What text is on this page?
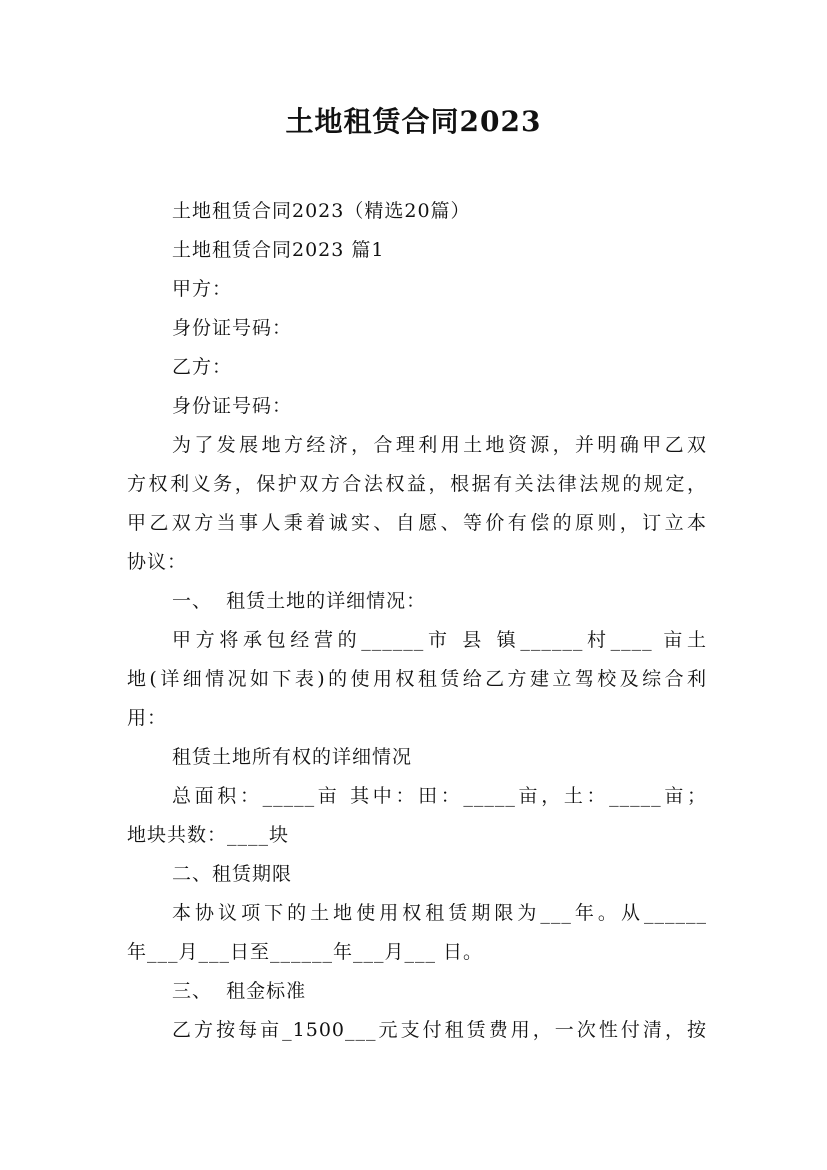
土地租赁合同2023
土地租赁合同2023（精选20篇）
土地租赁合同2023 篇1
甲方：
身份证号码：
乙方：
身份证号码：
为了发展地方经济，合理利用土地资源，并明确甲乙双
方权利义务，保护双方合法权益，根据有关法律法规的规定，
甲乙双方当事人秉着诚实、自愿、等价有偿的原则，订立本
协议：
一、  租赁土地的详细情况：
甲方将承包经营的______市 县 镇______村____ 亩土
地(详细情况如下表)的使用权租赁给乙方建立驾校及综合利
用：
租赁土地所有权的详细情况
总面积：_____亩 其中：田：_____亩，土：_____亩；
地块共数：____块
二、租赁期限
本协议项下的土地使用权租赁期限为___年。从______
年___月___日至______年___月___ 日。
三、  租金标准
乙方按每亩_1500___元支付租赁费用，一次性付清，按
